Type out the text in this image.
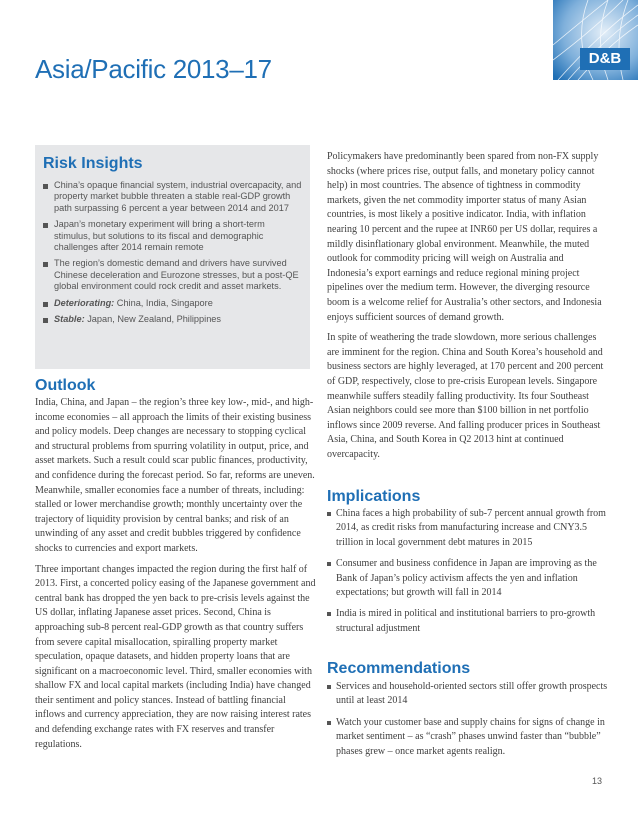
Asia/Pacific 2013–17	D&B
Risk Insights
China’s opaque financial system, industrial overcapacity, and property market bubble threaten a stable real-GDP growth path surpassing 6 percent a year between 2014 and 2017
Japan’s monetary experiment will bring a short-term stimulus, but solutions to its fiscal and demographic challenges after 2014 remain remote
The region’s domestic demand and drivers have survived Chinese deceleration and Eurozone stresses, but a post-QE global environment could rock credit and asset markets.
Deteriorating: China, India, Singapore
Stable: Japan, New Zealand, Philippines
Outlook

India, China, and Japan – the region’s three key low-, mid-, and high-income economies – all approach the limits of their existing business and policy models. Deep changes are necessary to stopping cyclical and structural problems from spurring volatility in output, price, and asset markets. Such a result could scar public finances, productivity, and confidence during the forecast period. So far, reforms are uneven. Meanwhile, smaller economies face a number of threats, including: stalled or lower merchandise growth; monthly uncertainty over the trajectory of liquidity provision by central banks; and risk of an unwinding of any asset and credit bubbles triggered by confidence shocks to currencies and export markets.

Three important changes impacted the region during the first half of 2013. First, a concerted policy easing of the Japanese government and central bank has dropped the yen back to pre-crisis levels against the US dollar, inflating Japanese asset prices. Second, China is approaching sub-8 percent real-GDP growth as that country suffers from severe capital misallocation, spiralling property market speculation, opaque datasets, and hidden property loans that are significant on a macroeconomic level. Third, smaller economies with shallow FX and local capital markets (including India) have changed their sentiment and policy stances. Instead of battling financial inflows and currency appreciation, they are now raising interest rates and defending exchange rates with FX reserves and transfer regulations.

Policymakers have predominantly been spared from non-FX supply shocks (where prices rise, output falls, and monetary policy cannot help) in most countries. The absence of tightness in commodity markets, given the net commodity importer status of many Asian countries, is most likely a positive indicator. India, with inflation nearing 10 percent and the rupee at INR60 per US dollar, requires a mildly disinflationary global environment. Meanwhile, the muted outlook for commodity pricing will weigh on Australia and Indonesia’s export earnings and reduce regional mining project pipelines over the medium term. However, the diverging resource boom is a welcome relief for Australia’s other sectors, and Indonesia enjoys sufficient sources of demand growth.

In spite of weathering the trade slowdown, more serious challenges are imminent for the region. China and South Korea’s household and business sectors are highly leveraged, at 170 percent and 200 percent of GDP, respectively, close to pre-crisis European levels. Singapore meanwhile suffers steadily falling productivity. Its four Southeast Asian neighbors could see more than $100 billion in net portfolio inflows since 2009 reverse. And falling producer prices in Southeast Asia, China, and South Korea in Q2 2013 hint at continued overcapacity.

Implications
China faces a high probability of sub-7 percent annual growth from 2014, as credit risks from manufacturing increase and CNY3.5 trillion in local government debt matures in 2015
Consumer and business confidence in Japan are improving as the Bank of Japan’s policy activism affects the yen and inflation expectations; but growth will fall in 2014
India is mired in political and institutional barriers to pro-growth structural adjustment
Recommendations
Services and household-oriented sectors still offer growth prospects until at least 2014
Watch your customer base and supply chains for signs of change in market sentiment – as “crash” phases unwind faster than “bubble” phases grew – once market agents realign.
13
